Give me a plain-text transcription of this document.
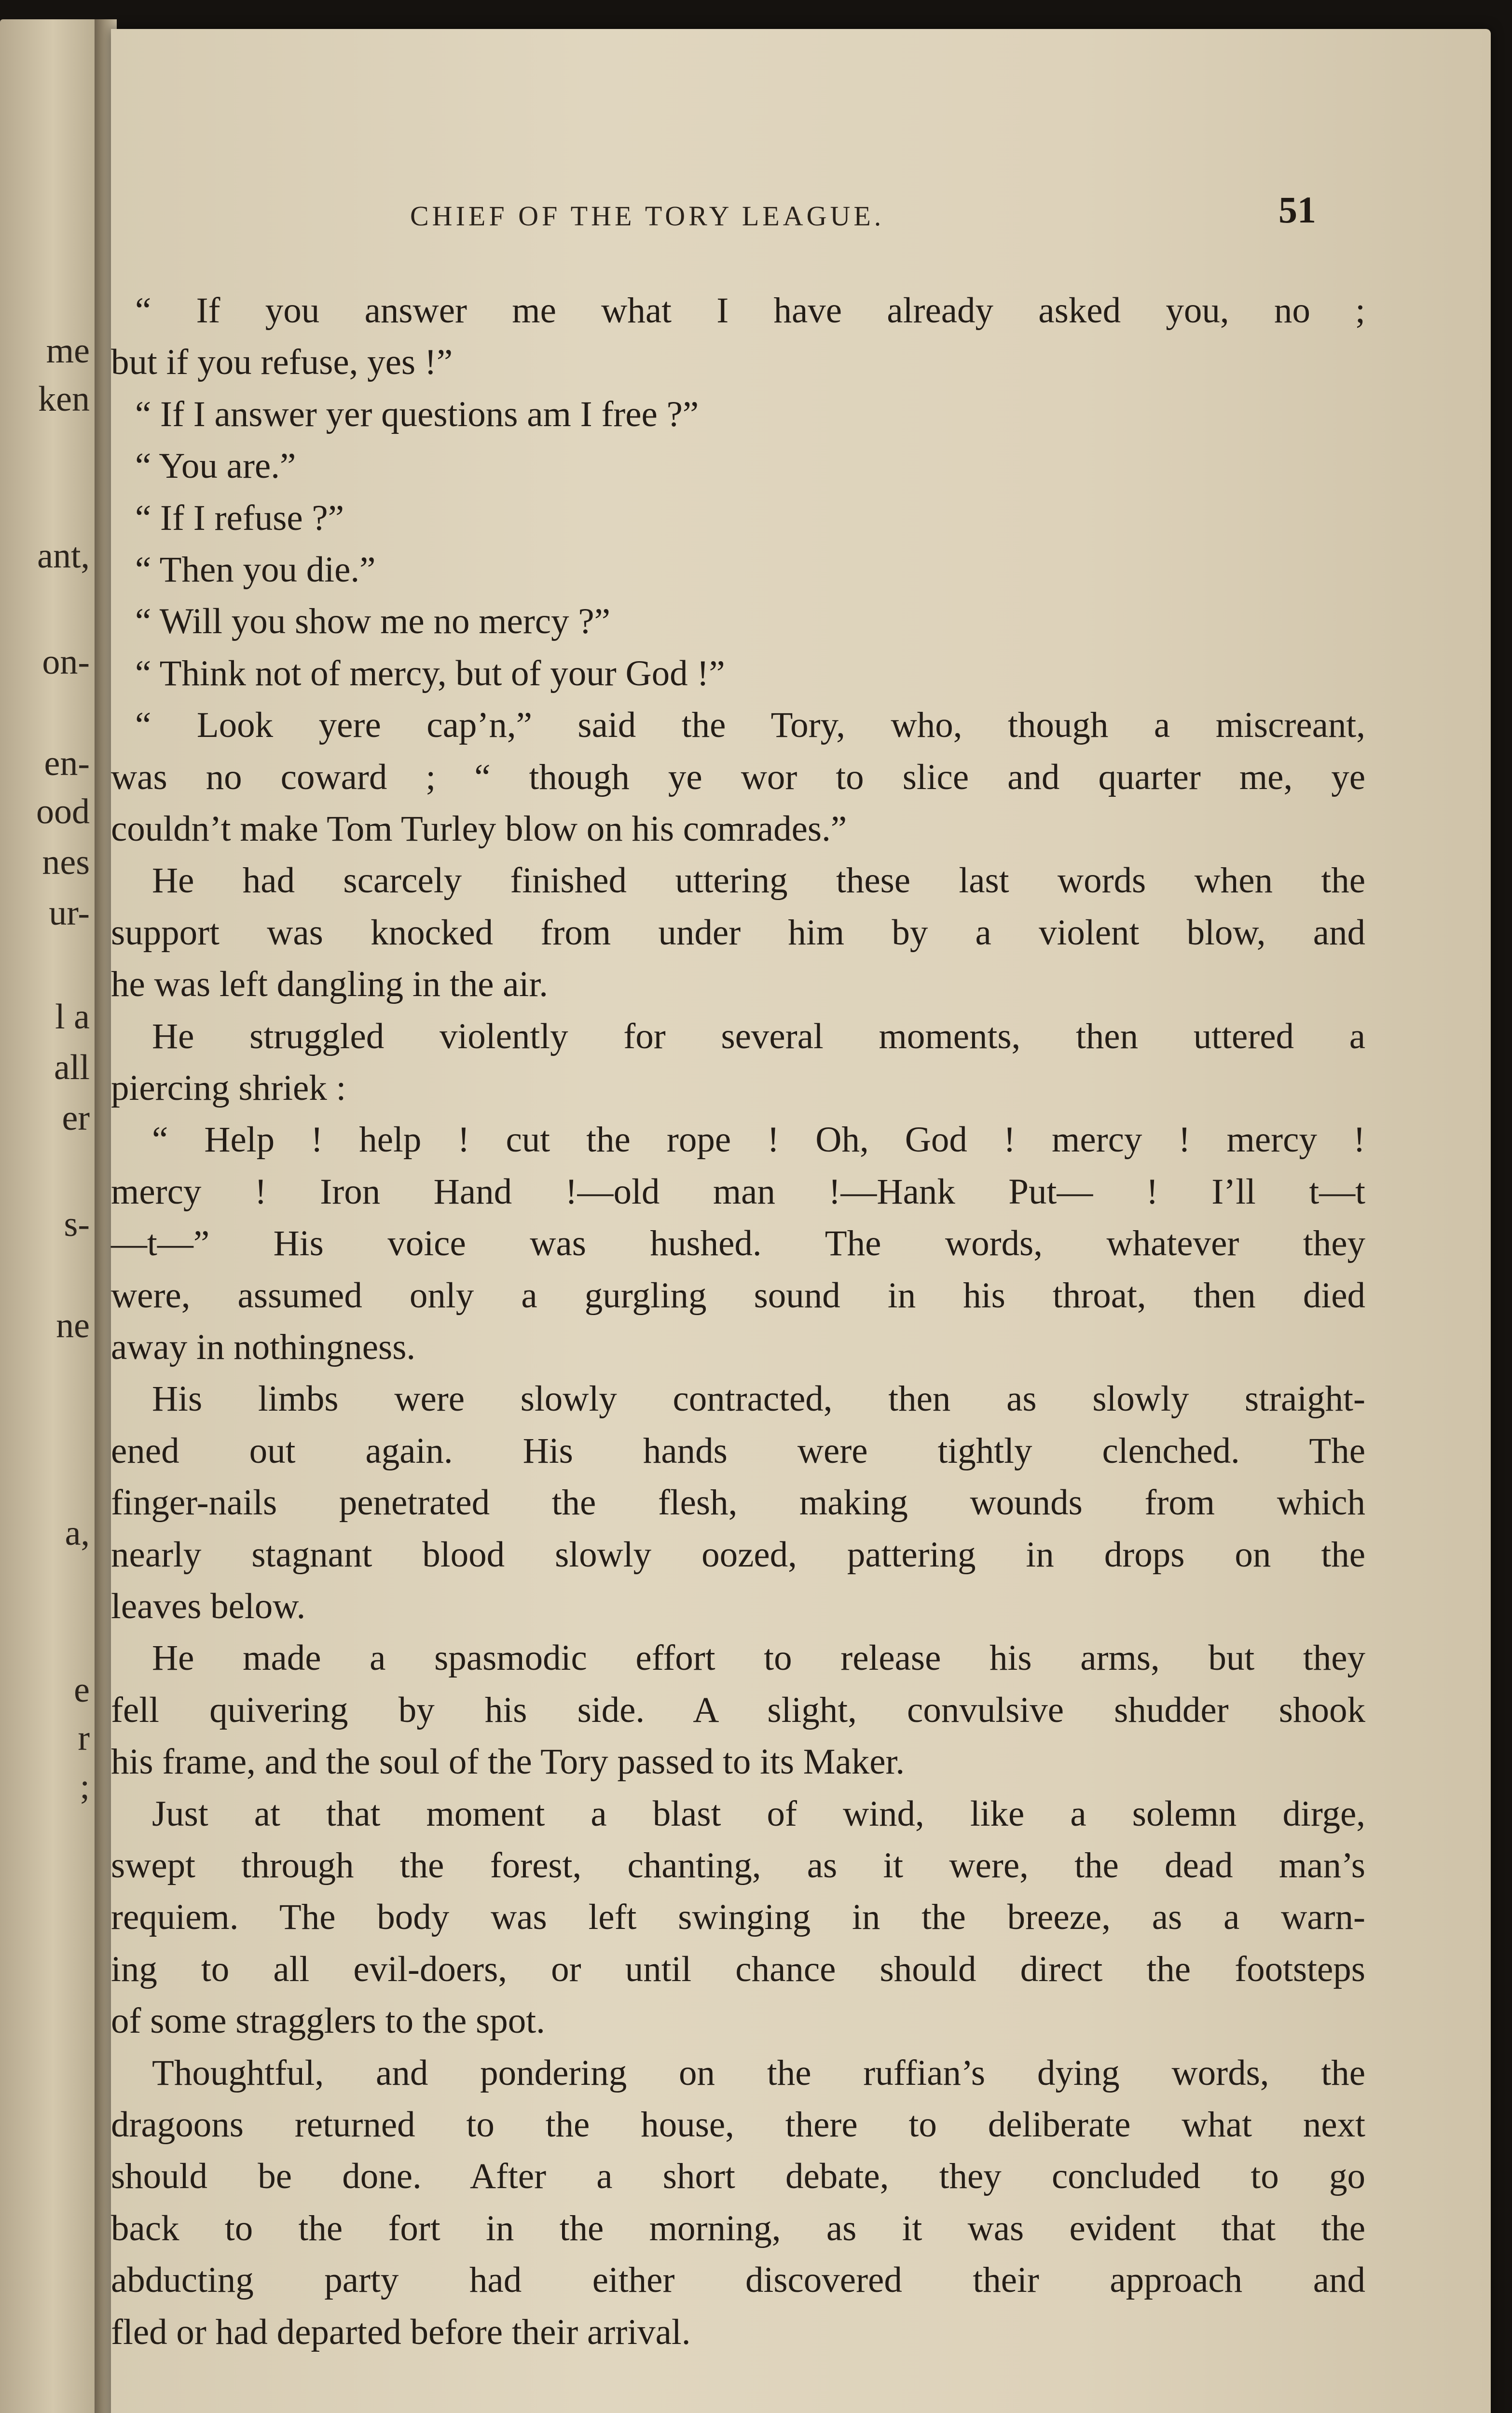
me
ken
ant,
on-
en-
ood
nes
ur-
l a
all
er
s-
ne
a,
e
r
;
CHIEF OF THE TORY LEAGUE.	51
“ If you answer me what I have already asked you, no ;
but if you refuse, yes !”
“ If I answer yer questions am I free ?”
“ You are.”
“ If I refuse ?”
“ Then you die.”
“ Will you show me no mercy ?”
“ Think not of mercy, but of your God !”
“ Look yere cap’n,” said the Tory, who, though a miscreant,
was no coward ; “ though ye wor to slice and quarter me, ye
couldn’t make Tom Turley blow on his comrades.”
He had scarcely finished uttering these last words when the
support was knocked from under him by a violent blow, and
he was left dangling in the air.
He struggled violently for several moments, then uttered a
piercing shriek :
“ Help ! help ! cut the rope ! Oh, God ! mercy ! mercy !
mercy ! Iron Hand !—old man !—Hank Put— ! I’ll t—t
—t—” His voice was hushed. The words, whatever they
were, assumed only a gurgling sound in his throat, then died
away in nothingness.
His limbs were slowly contracted, then as slowly straight-
ened out again. His hands were tightly clenched. The
finger-nails penetrated the flesh, making wounds from which
nearly stagnant blood slowly oozed, pattering in drops on the
leaves below.
He made a spasmodic effort to release his arms, but they
fell quivering by his side. A slight, convulsive shudder shook
his frame, and the soul of the Tory passed to its Maker.
Just at that moment a blast of wind, like a solemn dirge,
swept through the forest, chanting, as it were, the dead man’s
requiem. The body was left swinging in the breeze, as a warn-
ing to all evil-doers, or until chance should direct the footsteps
of some stragglers to the spot.
Thoughtful, and pondering on the ruffian’s dying words, the
dragoons returned to the house, there to deliberate what next
should be done. After a short debate, they concluded to go
back to the fort in the morning, as it was evident that the
abducting party had either discovered their approach and
fled or had departed before their arrival.
